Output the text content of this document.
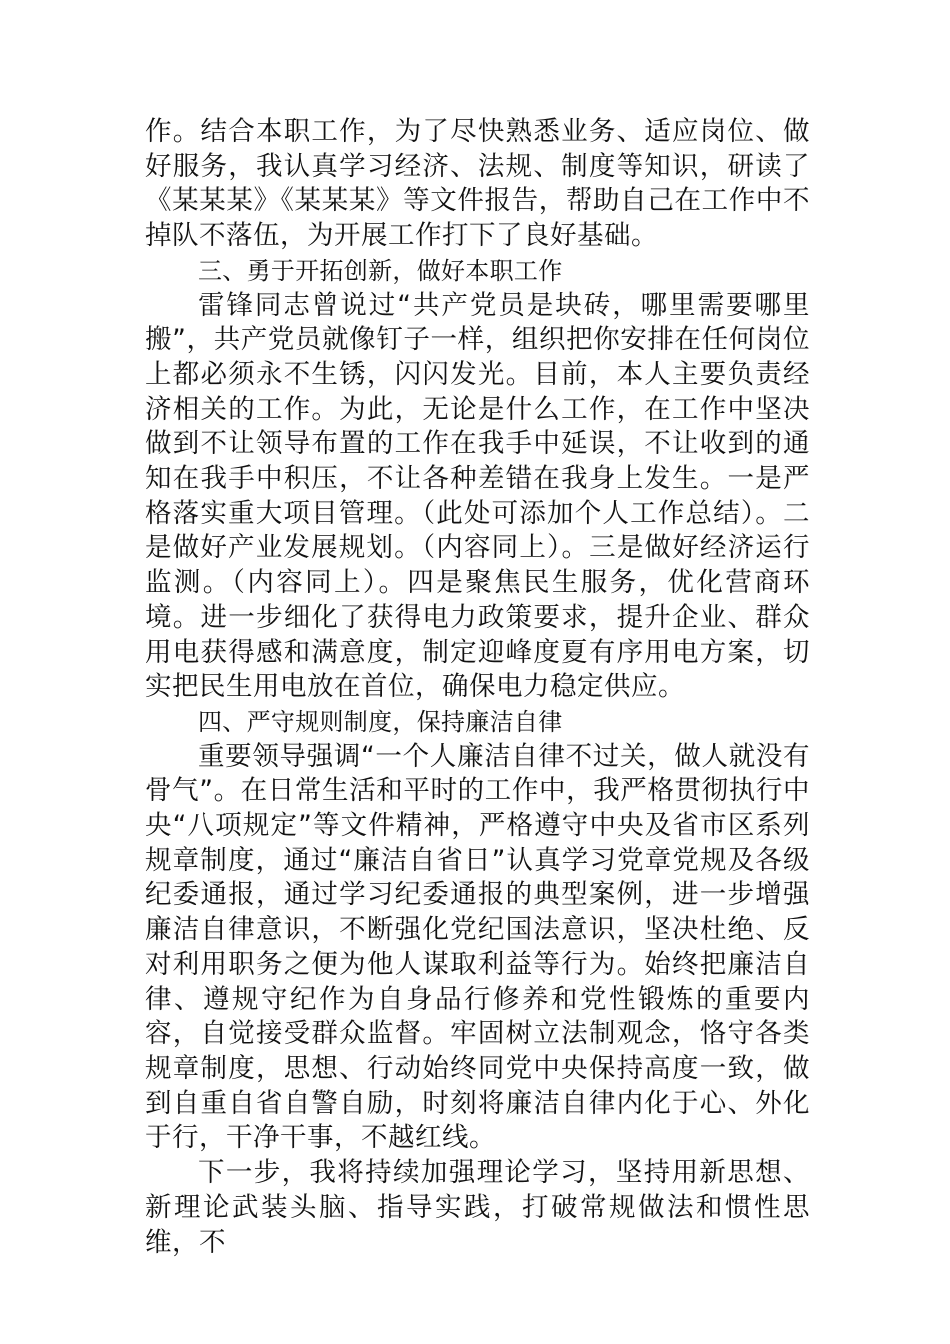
作。结合本职工作，为了尽快熟悉业务、适应岗位、做好服务，我认真学习经济、法规、制度等知识，研读了《某某某》《某某某》等文件报告，帮助自己在工作中不掉队不落伍，为开展工作打下了良好基础。

三、勇于开拓创新，做好本职工作

雷锋同志曾说过“共产党员是块砖，哪里需要哪里搬”，共产党员就像钉子一样，组织把你安排在任何岗位上都必须永不生锈，闪闪发光。目前，本人主要负责经济相关的工作。为此，无论是什么工作，在工作中坚决做到不让领导布置的工作在我手中延误，不让收到的通知在我手中积压，不让各种差错在我身上发生。一是严格落实重大项目管理。（此处可添加个人工作总结）。二是做好产业发展规划。（内容同上）。三是做好经济运行监测。（内容同上）。四是聚焦民生服务，优化营商环境。进一步细化了获得电力政策要求，提升企业、群众用电获得感和满意度，制定迎峰度夏有序用电方案，切实把民生用电放在首位，确保电力稳定供应。

四、严守规则制度，保持廉洁自律

重要领导强调“一个人廉洁自律不过关，做人就没有骨气”。在日常生活和平时的工作中，我严格贯彻执行中央“八项规定”等文件精神，严格遵守中央及省市区系列规章制度，通过“廉洁自省日”认真学习党章党规及各级纪委通报，通过学习纪委通报的典型案例，进一步增强廉洁自律意识，不断强化党纪国法意识，坚决杜绝、反对利用职务之便为他人谋取利益等行为。始终把廉洁自律、遵规守纪作为自身品行修养和党性锻炼的重要内容，自觉接受群众监督。牢固树立法制观念，恪守各类规章制度，思想、行动始终同党中央保持高度一致，做到自重自省自警自励，时刻将廉洁自律内化于心、外化于行，干净干事，不越红线。

下一步，我将持续加强理论学习，坚持用新思想、新理论武装头脑、指导实践，打破常规做法和惯性思维，不
